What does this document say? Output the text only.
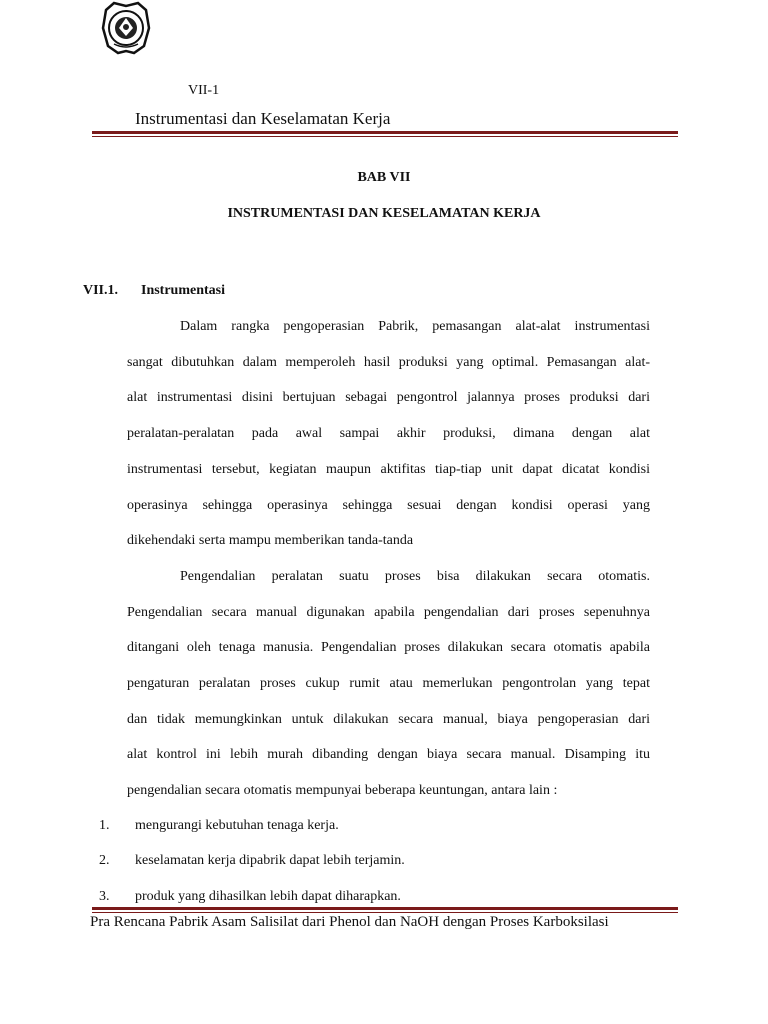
VII-1
Instrumentasi dan Keselamatan Kerja
BAB VII
INSTRUMENTASI DAN KESELAMATAN KERJA
VII.1. Instrumentasi
Dalam rangka pengoperasian Pabrik, pemasangan alat-alat instrumentasi
sangat dibutuhkan dalam memperoleh hasil produksi yang optimal. Pemasangan alat-
alat instrumentasi disini bertujuan sebagai pengontrol jalannya proses produksi dari
peralatan-peralatan pada awal sampai akhir produksi, dimana dengan alat
instrumentasi tersebut, kegiatan maupun aktifitas tiap-tiap unit dapat dicatat kondisi
operasinya sehingga operasinya sehingga sesuai dengan kondisi operasi yang
dikehendaki serta mampu memberikan tanda-tanda
Pengendalian peralatan suatu proses bisa dilakukan secara otomatis.
Pengendalian secara manual digunakan apabila pengendalian dari proses sepenuhnya
ditangani oleh tenaga manusia. Pengendalian proses dilakukan secara otomatis apabila
pengaturan peralatan proses cukup rumit atau memerlukan pengontrolan yang tepat
dan tidak memungkinkan untuk dilakukan secara manual, biaya pengoperasian dari
alat kontrol ini lebih murah dibanding dengan biaya secara manual. Disamping itu
pengendalian secara otomatis mempunyai beberapa keuntungan, antara lain :
1. mengurangi kebutuhan tenaga kerja.
2. keselamatan kerja dipabrik dapat lebih terjamin.
3. produk yang dihasilkan lebih dapat diharapkan.
Pra Rencana Pabrik Asam Salisilat dari Phenol dan NaOH dengan Proses Karboksilasi
